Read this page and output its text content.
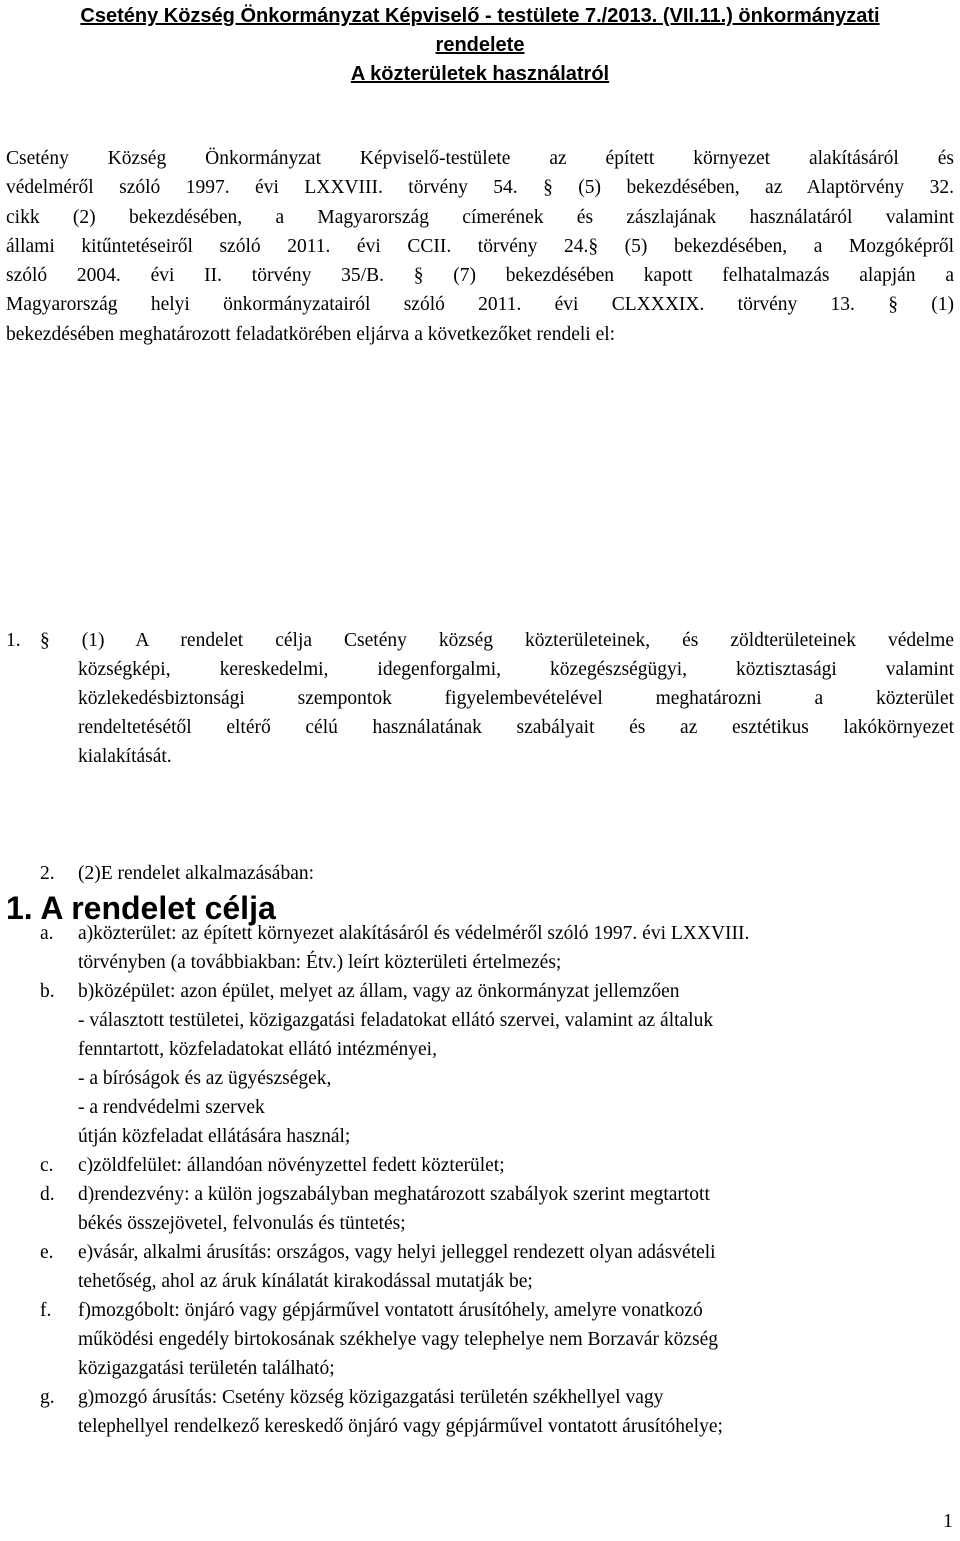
Csetény Község Önkormányzat Képviselő - testülete 7./2013. (VII.11.) önkormányzati
rendelete
A közterületek használatról
Csetény Község Önkormányzat Képviselő-testülete az épített környezet alakításáról és
védelméről szóló 1997. évi LXXVIII. törvény 54. § (5) bekezdésében, az Alaptörvény 32.
cikk (2) bekezdésében, a Magyarország címerének és zászlajának használatáról valamint
állami kitűntetéseiről szóló 2011. évi CCII. törvény 24.§ (5) bekezdésében, a Mozgóképről
szóló 2004. évi II. törvény 35/B. § (7) bekezdésében kapott felhatalmazás alapján a
Magyarország helyi önkormányzatairól szóló 2011. évi CLXXXIX. törvény 13. § (1)
bekezdésében meghatározott feladatkörében eljárva a következőket rendeli el:
1. A rendelet célja
1. § (1) A rendelet célja Csetény község közterületeinek, és zöldterületeinek védelme
községképi, kereskedelmi, idegenforgalmi, közegészségügyi, köztisztasági valamint
közlekedésbiztonsági szempontok figyelembevételével meghatározni a közterület
rendeltetésétől eltérő célú használatának szabályait és az esztétikus lakókörnyezet
kialakítását.
2. (2)E rendelet alkalmazásában:
a. a)közterület: az épített környezet alakításáról és védelméről szóló 1997. évi LXXVIII.
törvényben (a továbbiakban: Étv.) leírt közterületi értelmezés;
b. b)középület: azon épület, melyet az állam, vagy az önkormányzat jellemzően
- választott testületei, közigazgatási feladatokat ellátó szervei, valamint az általuk
fenntartott, közfeladatokat ellátó intézményei,
- a bíróságok és az ügyészségek,
- a rendvédelmi szervek
útján közfeladat ellátására használ;
c. c)zöldfelület: állandóan növényzettel fedett közterület;
d. d)rendezvény: a külön jogszabályban meghatározott szabályok szerint megtartott
békés összejövetel, felvonulás és tüntetés;
e. e)vásár, alkalmi árusítás: országos, vagy helyi jelleggel rendezett olyan adásvételi
tehetőség, ahol az áruk kínálatát kirakodással mutatják be;
f. f)mozgóbolt: önjáró vagy gépjárművel vontatott árusítóhely, amelyre vonatkozó
működési engedély birtokosának székhelye vagy telephelye nem Borzavár község
közigazgatási területén található;
g. g)mozgó árusítás: Csetény község közigazgatási területén székhellyel vagy
telephellyel rendelkező kereskedő önjáró vagy gépjárművel vontatott árusítóhelye;
1
